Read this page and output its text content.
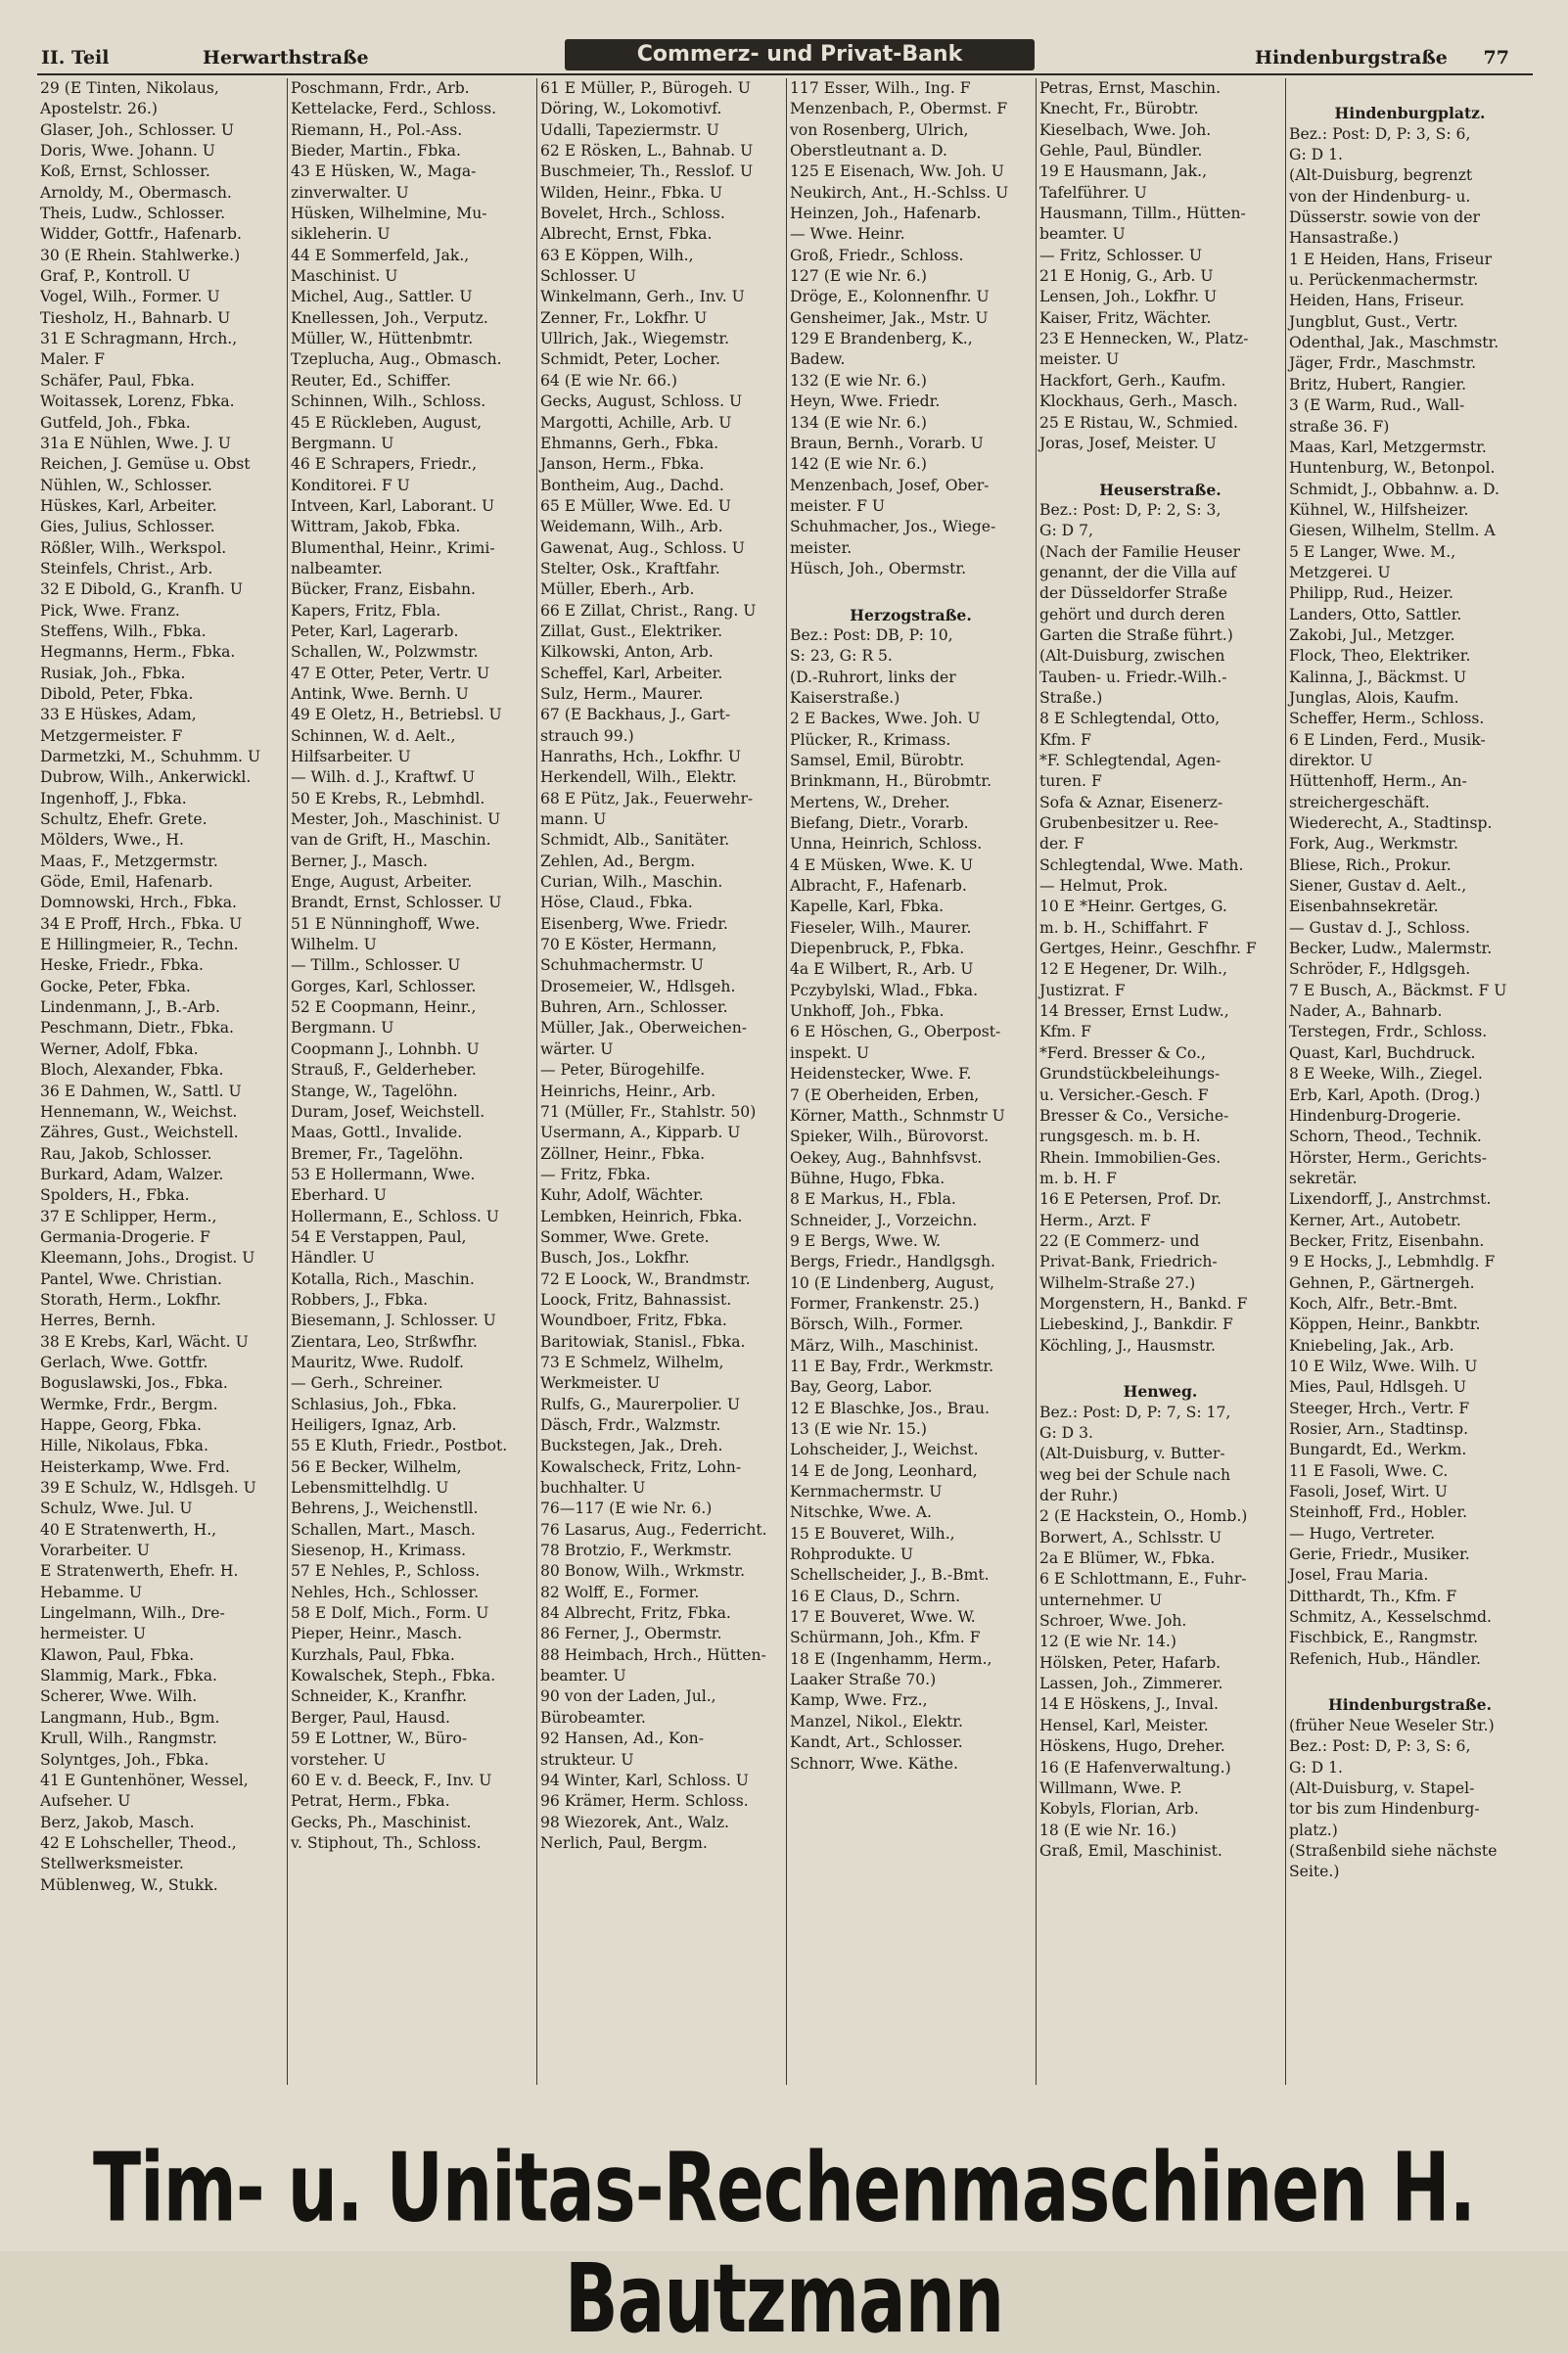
II. Teil	Herwarthstraße	Commerz- und Privat-Bank	Hindenburgstraße 77
29 (E Tinten, Nikolaus,
Apostelstr. 26.)
Glaser, Joh., Schlosser. U
Doris, Wwe. Johann. U
Koß, Ernst, Schlosser.
Arnoldy, M., Obermasch.
Theis, Ludw., Schlosser.
Widder, Gottfr., Hafenarb.
30 (E Rhein. Stahlwerke.)
Graf, P., Kontroll. U
Vogel, Wilh., Former. U
Tiesholz, H., Bahnarb. U
31 E Schragmann, Hrch.,
Maler. F
Schäfer, Paul, Fbkа.
Woitassek, Lorenz, Fbka.
Gutfeld, Joh., Fbka.
31a E Nühlen, Wwe. J. U
Reichen, J. Gemüse u. Obst
Nühlen, W., Schlosser.
Hüskes, Karl, Arbeiter.
Gies, Julius, Schlosser.
Rößler, Wilh., Werkspol.
Steinfels, Christ., Arb.
32 E Dibold, G., Kranfh. U
Pick, Wwe. Franz.
Steffens, Wilh., Fbka.
Hegmanns, Herm., Fbka.
Rusiak, Joh., Fbka.
Dibold, Peter, Fbka.
33 E Hüskes, Adam,
Metzgermeister. F
Darmetzki, M., Schuhmm. U
Dubrow, Wilh., Ankerwickl.
Ingenhoff, J., Fbka.
Schultz, Ehefr. Grete.
Mölders, Wwe., H.
Maas, F., Metzgermstr.
Göde, Emil, Hafenarb.
Domnowski, Hrch., Fbka.
34 E Proff, Hrch., Fbka. U
E Hillingmeier, R., Techn.
Heske, Friedr., Fbka.
Gocke, Peter, Fbka.
Lindenmann, J., B.-Arb.
Peschmann, Dietr., Fbka.
Werner, Adolf, Fbka.
Bloch, Alexander, Fbka.
36 E Dahmen, W., Sattl. U
Hennemann, W., Weichst.
Zähres, Gust., Weichstell.
Rau, Jakob, Schlosser.
Burkard, Adam, Walzer.
Spolders, H., Fbka.
37 E Schlipper, Herm.,
Germania-Drogerie. F
Kleemann, Johs., Drogist. U
Pantel, Wwe. Christian.
Storath, Herm., Lokfhr.
Herres, Bernh.
38 E Krebs, Karl, Wächt. U
Gerlach, Wwe. Gottfr.
Boguslawski, Jos., Fbka.
Wermke, Frdr., Bergm.
Happe, Georg, Fbka.
Hille, Nikolaus, Fbka.
Heisterkamp, Wwe. Frd.
39 E Schulz, W., Hdlsgeh. U
Schulz, Wwe. Jul. U
40 E Stratenwerth, H.,
Vorarbeiter. U
E Stratenwerth, Ehefr. H.
Hebamme. U
Lingelmann, Wilh., Dre-
hermeister. U
Klawon, Paul, Fbka.
Slammig, Mark., Fbka.
Scherer, Wwe. Wilh.
Langmann, Hub., Bgm.
Krull, Wilh., Rangmstr.
Solyntges, Joh., Fbka.
41 E Guntenhöner, Wessel,
Aufseher. U
Berz, Jakob, Masch.
42 E Lohscheller, Theod.,
Stellwerksmeister.
Müblenweg, W., Stukk.
Poschmann, Frdr., Arb.
Kettelacke, Ferd., Schloss.
Riemann, H., Pol.-Ass.
Bieder, Martin., Fbka.
43 E Hüsken, W., Maga-
zinverwalter. U
Hüsken, Wilhelmine, Mu-
sikleherin. U
44 E Sommerfeld, Jak.,
Maschinist. U
Michel, Aug., Sattler. U
Knellessen, Joh., Verputz.
Müller, W., Hüttenbmtr.
Tzeplucha, Aug., Obmasch.
Reuter, Ed., Schiffer.
Schinnen, Wilh., Schloss.
45 E Rückleben, August,
Bergmann. U
46 E Schrapers, Friedr.,
Konditorei. F U
Intveen, Karl, Laborant. U
Wittram, Jakob, Fbka.
Blumenthal, Heinr., Krimi-
nalbeamter.
Bücker, Franz, Eisbahn.
Kapers, Fritz, Fbla.
Peter, Karl, Lagerarb.
Schallen, W., Polzwmstr.
47 E Otter, Peter, Vertr. U
Antink, Wwe. Bernh. U
49 E Oletz, H., Betriebsl. U
Schinnen, W. d. Aelt.,
Hilfsarbeiter. U
— Wilh. d. J., Kraftwf. U
50 E Krebs, R., Lebmhdl.
Mester, Joh., Maschinist. U
van de Grift, H., Maschin.
Berner, J., Masch.
Enge, August, Arbeiter.
Brandt, Ernst, Schlosser. U
51 E Nünninghoff, Wwe.
Wilhelm. U
— Tillm., Schlosser. U
Gorges, Karl, Schlosser.
52 E Coopmann, Heinr.,
Bergmann. U
Coopmann J., Lohnbh. U
Strauß, F., Gelderheber.
Stange, W., Tagelöhn.
Duram, Josef, Weichstell.
Maas, Gottl., Invalide.
Bremer, Fr., Tagelöhn.
53 E Hollermann, Wwe.
Eberhard. U
Hollermann, E., Schloss. U
54 E Verstappen, Paul,
Händler. U
Kotalla, Rich., Maschin.
Robbers, J., Fbka.
Biesemann, J. Schlosser. U
Zientara, Leo, Strßwfhr.
Mauritz, Wwe. Rudolf.
— Gerh., Schreiner.
Schlasius, Joh., Fbka.
Heiligers, Ignaz, Arb.
55 E Kluth, Friedr., Postbot.
56 E Becker, Wilhelm,
Lebensmittelhdlg. U
Behrens, J., Weichenstll.
Schallen, Mart., Masch.
Siesenop, H., Krimass.
57 E Nehles, P., Schloss.
Nehles, Hch., Schlosser.
58 E Dolf, Mich., Form. U
Pieper, Heinr., Masch.
Kurzhals, Paul, Fbka.
Kowalschek, Steph., Fbka.
Schneider, K., Kranfhr.
Berger, Paul, Hausd.
59 E Lottner, W., Büro-
vorsteher. U
60 E v. d. Beeck, F., Inv. U
Petrat, Herm., Fbka.
Gecks, Ph., Maschinist.
v. Stiphout, Th., Schloss.
61 E Müller, P., Bürogeh. U
Döring, W., Lokomotivf.
Udalli, Tapeziermstr. U
62 E Rösken, L., Bahnab. U
Buschmeier, Th., Resslof. U
Wilden, Heinr., Fbka. U
Bovelet, Hrch., Schloss.
Albrecht, Ernst, Fbka.
63 E Köppen, Wilh.,
Schlosser. U
Winkelmann, Gerh., Inv. U
Zenner, Fr., Lokfhr. U
Ullrich, Jak., Wiegemstr.
Schmidt, Peter, Locher.
64 (E wie Nr. 66.)
Gecks, August, Schloss. U
Margotti, Achille, Arb. U
Ehmanns, Gerh., Fbka.
Janson, Herm., Fbka.
Bontheim, Aug., Dachd.
65 E Müller, Wwe. Ed. U
Weidemann, Wilh., Arb.
Gawenat, Aug., Schloss. U
Stelter, Osk., Kraftfahr.
Müller, Eberh., Arb.
66 E Zillat, Christ., Rang. U
Zillat, Gust., Elektriker.
Kilkowski, Anton, Arb.
Scheffel, Karl, Arbeiter.
Sulz, Herm., Maurer.
67 (E Backhaus, J., Gart-
strauch 99.)
Hanraths, Hch., Lokfhr. U
Herkendell, Wilh., Elektr.
68 E Pütz, Jak., Feuerwehr-
mann. U
Schmidt, Alb., Sanitäter.
Zehlen, Ad., Bergm.
Curian, Wilh., Maschin.
Höse, Claud., Fbka.
Eisenberg, Wwe. Friedr.
70 E Köster, Hermann,
Schuhmachermstr. U
Drosemeier, W., Hdlsgeh.
Buhren, Arn., Schlosser.
Müller, Jak., Oberweichen-
wärter. U
— Peter, Bürogehilfe.
Heinrichs, Heinr., Arb.
71 (Müller, Fr., Stahlstr. 50)
Usermann, A., Kipparb. U
Zöllner, Heinr., Fbka.
— Fritz, Fbka.
Kuhr, Adolf, Wächter.
Lembken, Heinrich, Fbka.
Sommer, Wwe. Grete.
Busch, Jos., Lokfhr.
72 E Loock, W., Brandmstr.
Loock, Fritz, Bahnassist.
Woundboer, Fritz, Fbka.
Baritowiak, Stanisl., Fbka.
73 E Schmelz, Wilhelm,
Werkmeister. U
Rulfs, G., Maurerpolier. U
Däsch, Frdr., Walzmstr.
Buckstegen, Jak., Dreh.
Kowalscheck, Fritz, Lohn-
buchhalter. U
76—117 (E wie Nr. 6.)
76 Lasarus, Aug., Federricht.
78 Brotzio, F., Werkmstr.
80 Bonow, Wilh., Wrkmstr.
82 Wolff, E., Former.
84 Albrecht, Fritz, Fbka.
86 Ferner, J., Obermstr.
88 Heimbach, Hrch., Hütten-
beamter. U
90 von der Laden, Jul.,
Bürobeamter.
92 Hansen, Ad., Kon-
strukteur. U
94 Winter, Karl, Schloss. U
96 Krämer, Herm. Schloss.
98 Wiezorek, Ant., Walz.
Nerlich, Paul, Bergm.
117 Esser, Wilh., Ing. F
Menzenbach, P., Obermst. F
von Rosenberg, Ulrich,
Oberstleutnant a. D.
125 E Eisenach, Ww. Joh. U
Neukirch, Ant., H.-Schlss. U
Heinzen, Joh., Hafenarb.
— Wwe. Heinr.
Groß, Friedr., Schloss.
127 (E wie Nr. 6.)
Dröge, E., Kolonnenfhr. U
Gensheimer, Jak., Mstr. U
129 E Brandenberg, K.,
Badew.
132 (E wie Nr. 6.)
Heyn, Wwe. Friedr.
134 (E wie Nr. 6.)
Braun, Bernh., Vorarb. U
142 (E wie Nr. 6.)
Menzenbach, Josef, Ober-
meister. F U
Schuhmacher, Jos., Wiege-
meister.
Hüsch, Joh., Obermstr.

Herzogstraße.
Bez.: Post: DB, P: 10,
S: 23, G: R 5.
(D.-Ruhrort, links der
Kaiserstraße.)
2 E Backes, Wwe. Joh. U
Plücker, R., Krimass.
Samsel, Emil, Bürobtr.
Brinkmann, H., Bürobmtr.
Mertens, W., Dreher.
Biefang, Dietr., Vorarb.
Unna, Heinrich, Schloss.
4 E Müsken, Wwe. K. U
Albracht, F., Hafenarb.
Kapelle, Karl, Fbka.
Fieseler, Wilh., Maurer.
Diepenbruck, P., Fbka.
4a E Wilbert, R., Arb. U
Pczybylski, Wlad., Fbka.
Unkhoff, Joh., Fbka.
6 E Höschen, G., Oberpost-
inspekt. U
Heidenstecker, Wwe. F.
7 (E Oberheiden, Erben,
Körner, Matth., Schnmstr U
Spieker, Wilh., Bürovorst.
Oekey, Aug., Bahnhfsvst.
Bühne, Hugo, Fbka.
8 E Markus, H., Fbla.
Schneider, J., Vorzeichn.
9 E Bergs, Wwe. W.
Bergs, Friedr., Handlgsgh.
10 (E Lindenberg, August,
Former, Frankenstr. 25.)
Börsch, Wilh., Former.
März, Wilh., Maschinist.
11 E Bay, Frdr., Werkmstr.
Bay, Georg, Labor.
12 E Blaschke, Jos., Brau.
13 (E wie Nr. 15.)
Lohscheider, J., Weichst.
14 E de Jong, Leonhard,
Kernmachermstr. U
Nitschke, Wwe. A.
15 E Bouveret, Wilh.,
Rohprodukte. U
Schellscheider, J., B.-Bmt.
16 E Claus, D., Schrn.
17 E Bouveret, Wwe. W.
Schürmann, Joh., Kfm. F
18 E (Ingenhamm, Herm.,
Laaker Straße 70.)
Kamp, Wwe. Frz.,
Manzel, Nikol., Elektr.
Kandt, Art., Schlosser.
Schnorr, Wwe. Käthe.
Petras, Ernst, Maschin.
Knecht, Fr., Bürobtr.
Kieselbach, Wwe. Joh.
Gehle, Paul, Bündler.
19 E Hausmann, Jak.,
Tafelführer. U
Hausmann, Tillm., Hütten-
beamter. U
— Fritz, Schlosser. U
21 E Honig, G., Arb. U
Lensen, Joh., Lokfhr. U
Kaiser, Fritz, Wächter.
23 E Hennecken, W., Platz-
meister. U
Hackfort, Gerh., Kaufm.
Klockhaus, Gerh., Masch.
25 E Ristau, W., Schmied.
Joras, Josef, Meister. U

Heuserstraße.
Bez.: Post: D, P: 2, S: 3,
G: D 7,
(Nach der Familie Heuser
genannt, der die Villa auf
der Düsseldorfer Straße
gehört und durch deren
Garten die Straße führt.)
(Alt-Duisburg, zwischen
Tauben- u. Friedr.-Wilh.-
Straße.)
8 E Schlegtendal, Otto,
Kfm. F
*F. Schlegtendal, Agen-
turen. F
Sofa & Aznar, Eisenerz-
Grubenbesitzer u. Ree-
der. F
Schlegtendal, Wwe. Math.
— Helmut, Prok.
10 E *Heinr. Gertges, G.
m. b. H., Schiffahrt. F
Gertges, Heinr., Geschfhr. F
12 E Hegener, Dr. Wilh.,
Justizrat. F
14 Bresser, Ernst Ludw.,
Kfm. F
*Ferd. Bresser & Co.,
Grundstückbeleihungs-
u. Versicher.-Gesch. F
Bresser & Co., Versiche-
rungsgesch. m. b. H.
Rhein. Immobilien-Ges.
m. b. H. F
16 E Petersen, Prof. Dr.
Herm., Arzt. F
22 (E Commerz- und
Privat-Bank, Friedrich-
Wilhelm-Straße 27.)
Morgenstern, H., Bankd. F
Liebeskind, J., Bankdir. F
Köchling, J., Hausmstr.

Henweg.
Bez.: Post: D, P: 7, S: 17,
G: D 3.
(Alt-Duisburg, v. Butter-
weg bei der Schule nach
der Ruhr.)
2 (E Hackstein, O., Homb.)
Borwert, A., Schlsstr. U
2a E Blümer, W., Fbka.
6 E Schlottmann, E., Fuhr-
unternehmer. U
Schroer, Wwe. Joh.
12 (E wie Nr. 14.)
Hölsken, Peter, Hafarb.
Lassen, Joh., Zimmerer.
14 E Höskens, J., Inval.
Hensel, Karl, Meister.
Höskens, Hugo, Dreher.
16 (E Hafenverwaltung.)
Willmann, Wwe. P.
Kobyls, Florian, Arb.
18 (E wie Nr. 16.)
Graß, Emil, Maschinist.

Hindenburgplatz.
Bez.: Post: D, P: 3, S: 6,
G: D 1.
(Alt-Duisburg, begrenzt
von der Hindenburg- u.
Düsserstr. sowie von der
Hansastraße.)
1 E Heiden, Hans, Friseur
u. Perückenmachermstr.
Heiden, Hans, Friseur.
Jungblut, Gust., Vertr.
Odenthal, Jak., Maschmstr.
Jäger, Frdr., Maschmstr.
Britz, Hubert, Rangier.
3 (E Warm, Rud., Wall-
straße 36. F)
Maas, Karl, Metzgermstr.
Huntenburg, W., Betonpol.
Schmidt, J., Obbahnw. a. D.
Kühnel, W., Hilfsheizer.
Giesen, Wilhelm, Stellm. A
5 E Langer, Wwe. M.,
Metzgerei. U
Philipp, Rud., Heizer.
Landers, Otto, Sattler.
Zakobi, Jul., Metzger.
Flock, Theo, Elektriker.
Kalinna, J., Bäckmst. U
Junglas, Alois, Kaufm.
Scheffer, Herm., Schloss.
6 E Linden, Ferd., Musik-
direktor. U
Hüttenhoff, Herm., An-
streichergeschäft.
Wiederecht, A., Stadtinsp.
Fork, Aug., Werkmstr.
Bliese, Rich., Prokur.
Siener, Gustav d. Aelt.,
Eisenbahnsekretär.
— Gustav d. J., Schloss.
Becker, Ludw., Malermstr.
Schröder, F., Hdlgsgeh.
7 E Busch, A., Bäckmst. F U
Nader, A., Bahnarb.
Terstegen, Frdr., Schloss.
Quast, Karl, Buchdruck.
8 E Weeke, Wilh., Ziegel.
Erb, Karl, Apoth. (Drog.)
Hindenburg-Drogerie.
Schorn, Theod., Technik.
Hörster, Herm., Gerichts-
sekretär.
Lixendorff, J., Anstrchmst.
Kerner, Art., Autobetr.
Becker, Fritz, Eisenbahn.
9 E Hocks, J., Lebmhdlg. F
Gehnen, P., Gärtnergeh.
Koch, Alfr., Betr.-Bmt.
Köppen, Heinr., Bankbtr.
Kniebeling, Jak., Arb.
10 E Wilz, Wwe. Wilh. U
Mies, Paul, Hdlsgeh. U
Steeger, Hrch., Vertr. F
Rosier, Arn., Stadtinsp.
Bungardt, Ed., Werkm.
11 E Fasoli, Wwe. C.
Fasoli, Josef, Wirt. U
Steinhoff, Frd., Hobler.
— Hugo, Vertreter.
Gerie, Friedr., Musiker.
Josel, Frau Maria.
Ditthardt, Th., Kfm. F
Schmitz, A., Kesselschmd.
Fischbick, E., Rangmstr.
Refenich, Hub., Händler.

Hindenburgstraße.
(früher Neue Weseler Str.)
Bez.: Post: D, P: 3, S: 6,
G: D 1.
(Alt-Duisburg, v. Stapel-
tor bis zum Hindenburg-
platz.)
(Straßenbild siehe nächste
Seite.)
Tim- u. Unitas-Rechenmaschinen H. Bautzmann
